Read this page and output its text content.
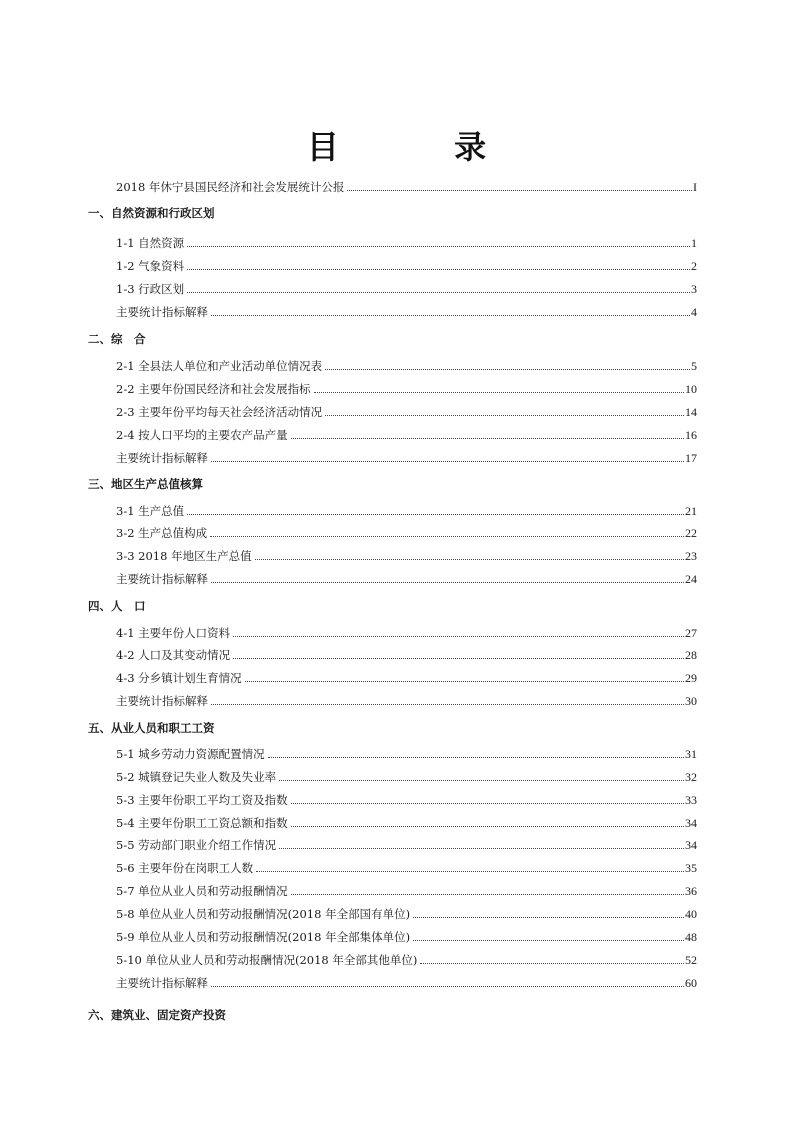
目 录
2018 年休宁县国民经济和社会发展统计公报	I
一、自然资源和行政区划
1-1 自然资源	1
1-2 气象资料	2
1-3 行政区划	3
主要统计指标解释	4
二、综　合
2-1 全县法人单位和产业活动单位情况表	5
2-2 主要年份国民经济和社会发展指标	10
2-3 主要年份平均每天社会经济活动情况	14
2-4 按人口平均的主要农产品产量	16
主要统计指标解释	17
三、地区生产总值核算
3-1 生产总值	21
3-2 生产总值构成	22
3-3 2018 年地区生产总值	23
主要统计指标解释	24
四、人　口
4-1 主要年份人口资料	27
4-2 人口及其变动情况	28
4-3 分乡镇计划生育情况	29
主要统计指标解释	30
五、从业人员和职工工资
5-1 城乡劳动力资源配置情况	31
5-2 城镇登记失业人数及失业率	32
5-3 主要年份职工平均工资及指数	33
5-4 主要年份职工工资总额和指数	34
5-5 劳动部门职业介绍工作情况	34
5-6 主要年份在岗职工人数	35
5-7 单位从业人员和劳动报酬情况	36
5-8 单位从业人员和劳动报酬情况(2018 年全部国有单位)	40
5-9 单位从业人员和劳动报酬情况(2018 年全部集体单位)	48
5-10 单位从业人员和劳动报酬情况(2018 年全部其他单位)	52
主要统计指标解释	60
六、建筑业、固定资产投资
